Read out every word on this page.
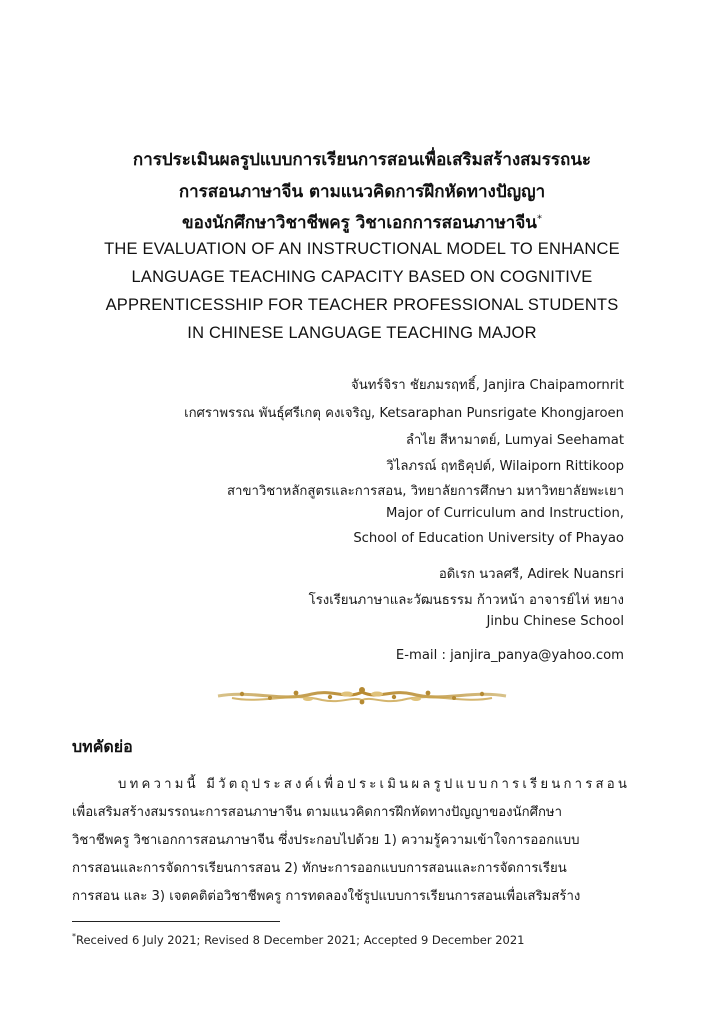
การประเมินผลรูปแบบการเรียนการสอนเพื่อเสริมสร้างสมรรถนะ
การสอนภาษาจีน ตามแนวคิดการฝึกหัดทางปัญญา
ของนักศึกษาวิชาชีพครู วิชาเอกการสอนภาษาจีน*
THE EVALUATION OF AN INSTRUCTIONAL MODEL TO ENHANCE
LANGUAGE TEACHING CAPACITY BASED ON COGNITIVE
APPRENTICESSHIP FOR TEACHER PROFESSIONAL STUDENTS
IN CHINESE LANGUAGE TEACHING MAJOR
จันทร์จิรา ชัยภมรฤทธิ์, Janjira Chaipamornrit
เกศราพรรณ พันธุ์ศรีเกตุ คงเจริญ, Ketsaraphan Punsrigate Khongjaroen
ลำไย สีหามาตย์, Lumyai Seehamat
วิไลภรณ์ ฤทธิคุปต์, Wilaiporn Rittikoop
สาขาวิชาหลักสูตรและการสอน, วิทยาลัยการศึกษา มหาวิทยาลัยพะเยา
Major of Curriculum and Instruction,
School of Education University of Phayao
อดิเรก นวลศรี, Adirek Nuansri
โรงเรียนภาษาและวัฒนธรรม ก้าวหน้า อาจารย์ไห่ หยาง
Jinbu Chinese School
E-mail : janjira_panya@yahoo.com
บทคัดย่อ
บทความนี้ มีวัตถุประสงค์เพื่อประเมินผลรูปแบบการเรียนการสอน
เพื่อเสริมสร้างสมรรถนะการสอนภาษาจีน ตามแนวคิดการฝึกหัดทางปัญญาของนักศึกษา
วิชาชีพครู วิชาเอกการสอนภาษาจีน ซึ่งประกอบไปด้วย 1) ความรู้ความเข้าใจการออกแบบ
การสอนและการจัดการเรียนการสอน 2) ทักษะการออกแบบการสอนและการจัดการเรียน
การสอน และ 3) เจตคติต่อวิชาชีพครู การทดลองใช้รูปแบบการเรียนการสอนเพื่อเสริมสร้าง
*Received 6 July 2021; Revised 8 December 2021; Accepted 9 December 2021
